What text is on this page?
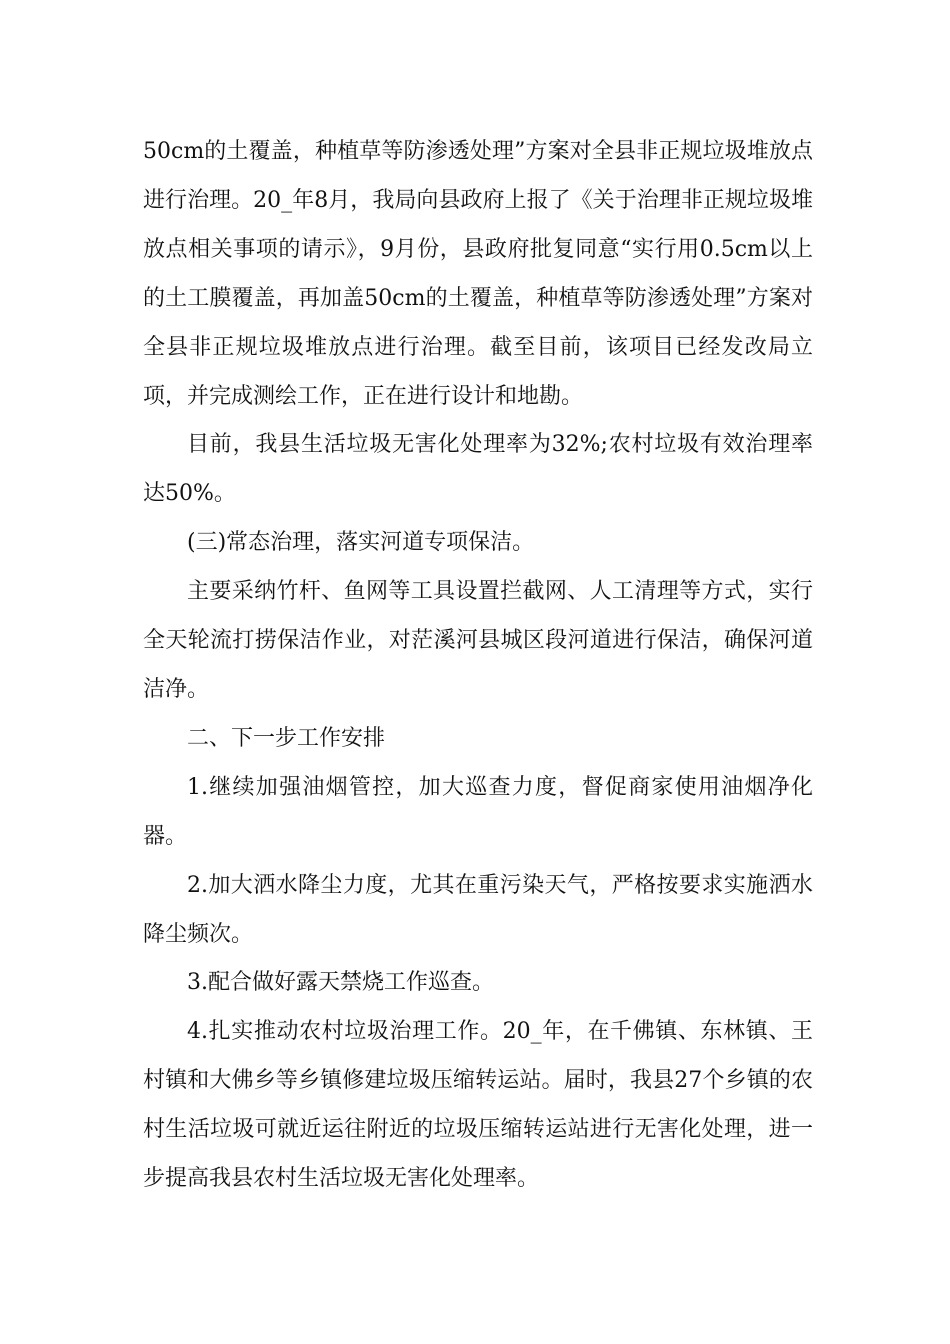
50cm的土覆盖，种植草等防渗透处理”方案对全县非正规垃圾堆放点进行治理。20_年8月，我局向县政府上报了《关于治理非正规垃圾堆放点相关事项的请示》，9月份，县政府批复同意“实行用0.5cm以上的土工膜覆盖，再加盖50cm的土覆盖，种植草等防渗透处理”方案对全县非正规垃圾堆放点进行治理。截至目前，该项目已经发改局立项，并完成测绘工作，正在进行设计和地勘。

目前，我县生活垃圾无害化处理率为32%;农村垃圾有效治理率达50%。

(三)常态治理，落实河道专项保洁。

主要采纳竹杆、鱼网等工具设置拦截网、人工清理等方式，实行全天轮流打捞保洁作业，对茫溪河县城区段河道进行保洁，确保河道洁净。

二、下一步工作安排

1.继续加强油烟管控，加大巡查力度，督促商家使用油烟净化器。

2.加大洒水降尘力度，尤其在重污染天气，严格按要求实施洒水降尘频次。

3.配合做好露天禁烧工作巡查。

4.扎实推动农村垃圾治理工作。20_年，在千佛镇、东林镇、王村镇和大佛乡等乡镇修建垃圾压缩转运站。届时，我县27个乡镇的农村生活垃圾可就近运往附近的垃圾压缩转运站进行无害化处理，进一步提高我县农村生活垃圾无害化处理率。
